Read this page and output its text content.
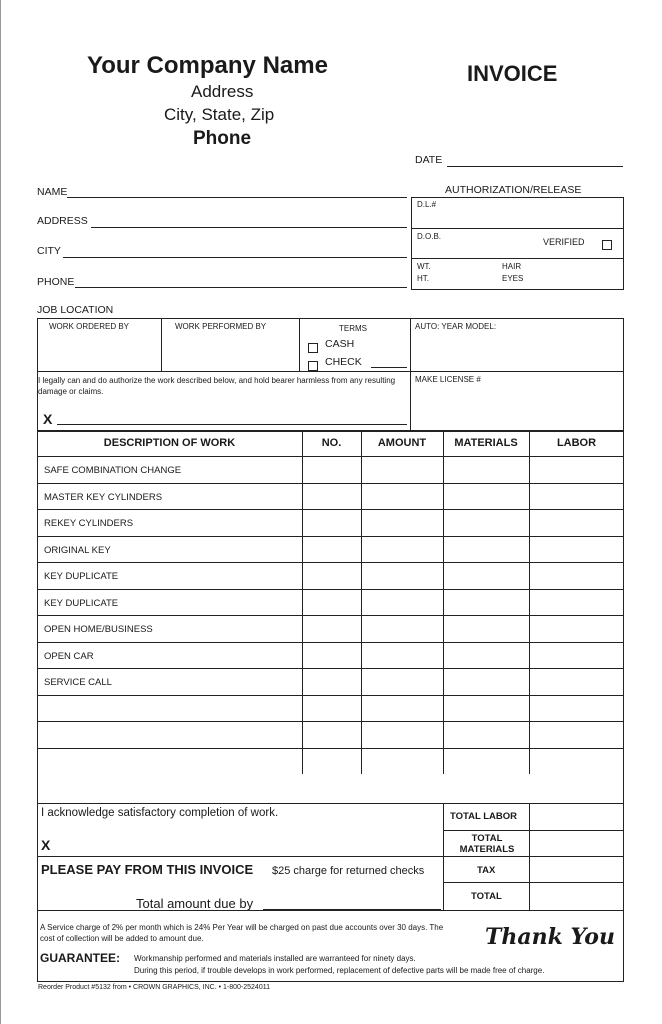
Your Company Name
Address
City, State, Zip
Phone
INVOICE
DATE
NAME
ADDRESS
CITY
PHONE
AUTHORIZATION/RELEASE
D.L.#
D.O.B.
VERIFIED
WT.
HT.
HAIR
EYES
JOB LOCATION
WORK ORDERED BY	WORK PERFORMED BY	TERMS
CASH
CHECK
AUTO: YEAR MODEL:
MAKE LICENSE #
I legally can and do authorize the work described below, and hold bearer harmless from any resulting damage or claims.
X
DESCRIPTION OF WORK	NO.	AMOUNT	MATERIALS	LABOR
SAFE COMBINATION CHANGE
MASTER KEY CYLINDERS
REKEY CYLINDERS
ORIGINAL KEY
KEY DUPLICATE
KEY DUPLICATE
OPEN HOME/BUSINESS
OPEN CAR
SERVICE CALL
I acknowledge satisfactory completion of work.
X
TOTAL LABOR
TOTAL MATERIALS
PLEASE PAY FROM THIS INVOICE $25 charge for returned checks	TAX
TOTAL
Total amount due by
A Service charge of 2% per month which is 24% Per Year will be charged on past due accounts over 30 days. The cost of collection will be added to amount due.	Thank You
GUARANTEE: Workmanship performed and materials installed are warranteed for ninety days.
During this period, if trouble develops in work performed, replacement of defective parts will be made free of charge.
Reorder Product #5132 from • CROWN GRAPHICS, INC. • 1-800-2524011
